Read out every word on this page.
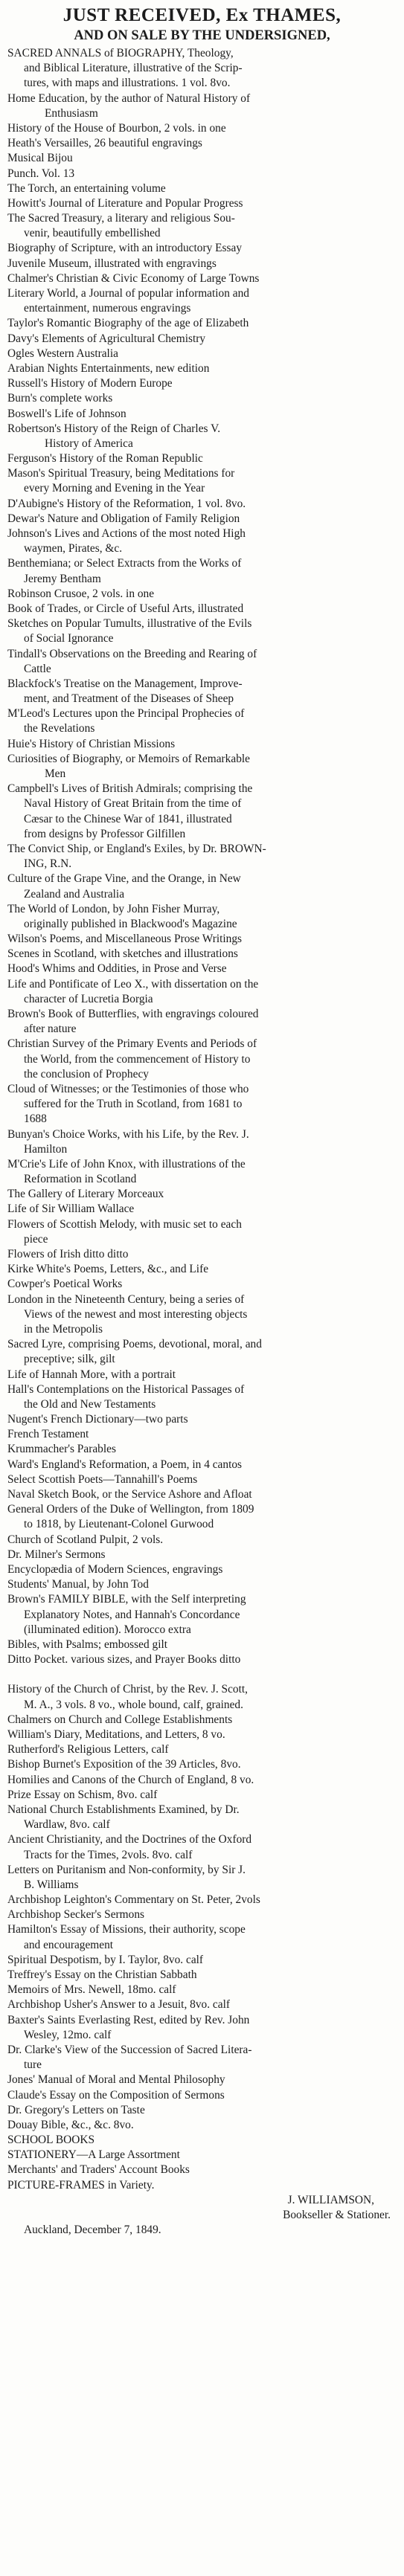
JUST RECEIVED, Ex THAMES,
AND ON SALE BY THE UNDERSIGNED,
SACRED ANNALS of BIOGRAPHY, Theology,
and Biblical Literature, illustrative of the Scrip-
tures, with maps and illustrations. 1 vol. 8vo.
Home Education, by the author of Natural History of
Enthusiasm
History of the House of Bourbon, 2 vols. in one
Heath's Versailles, 26 beautiful engravings
Musical Bijou
Punch. Vol. 13
The Torch, an entertaining volume
Howitt's Journal of Literature and Popular Progress
The Sacred Treasury, a literary and religious Sou-
venir, beautifully embellished
Biography of Scripture, with an introductory Essay
Juvenile Museum, illustrated with engravings
Chalmer's Christian & Civic Economy of Large Towns
Literary World, a Journal of popular information and
entertainment, numerous engravings
Taylor's Romantic Biography of the age of Elizabeth
Davy's Elements of Agricultural Chemistry
Ogles Western Australia
Arabian Nights Entertainments, new edition
Russell's History of Modern Europe
Burn's complete works
Boswell's Life of Johnson
Robertson's History of the Reign of Charles V.
History of America
Ferguson's History of the Roman Republic
Mason's Spiritual Treasury, being Meditations for
every Morning and Evening in the Year
D'Aubigne's History of the Reformation, 1 vol. 8vo.
Dewar's Nature and Obligation of Family Religion
Johnson's Lives and Actions of the most noted High
waymen, Pirates, &c.
Benthemiana; or Select Extracts from the Works of
Jeremy Bentham
Robinson Crusoe, 2 vols. in one
Book of Trades, or Circle of Useful Arts, illustrated
Sketches on Popular Tumults, illustrative of the Evils
of Social Ignorance
Tindall's Observations on the Breeding and Rearing of
Cattle
Blackfock's Treatise on the Management, Improve-
ment, and Treatment of the Diseases of Sheep
M'Leod's Lectures upon the Principal Prophecies of
the Revelations
Huie's History of Christian Missions
Curiosities of Biography, or Memoirs of Remarkable
Men
Campbell's Lives of British Admirals; comprising the
Naval History of Great Britain from the time of
Cæsar to the Chinese War of 1841, illustrated
from designs by Professor Gilfillen
The Convict Ship, or England's Exiles, by Dr. BROWN-
ING, R.N.
Culture of the Grape Vine, and the Orange, in New
Zealand and Australia
The World of London, by John Fisher Murray,
originally published in Blackwood's Magazine
Wilson's Poems, and Miscellaneous Prose Writings
Scenes in Scotland, with sketches and illustrations
Hood's Whims and Oddities, in Prose and Verse
Life and Pontificate of Leo X., with dissertation on the
character of Lucretia Borgia
Brown's Book of Butterflies, with engravings coloured
after nature
Christian Survey of the Primary Events and Periods of
the World, from the commencement of History to
the conclusion of Prophecy
Cloud of Witnesses; or the Testimonies of those who
suffered for the Truth in Scotland, from 1681 to
1688
Bunyan's Choice Works, with his Life, by the Rev. J.
Hamilton
M'Crie's Life of John Knox, with illustrations of the
Reformation in Scotland
The Gallery of Literary Morceaux
Life of Sir William Wallace
Flowers of Scottish Melody, with music set to each
piece
Flowers of Irish ditto ditto
Kirke White's Poems, Letters, &c., and Life
Cowper's Poetical Works
London in the Nineteenth Century, being a series of
Views of the newest and most interesting objects
in the Metropolis
Sacred Lyre, comprising Poems, devotional, moral, and
preceptive; silk, gilt
Life of Hannah More, with a portrait
Hall's Contemplations on the Historical Passages of
the Old and New Testaments
Nugent's French Dictionary—two parts
French Testament
Krummacher's Parables
Ward's England's Reformation, a Poem, in 4 cantos
Select Scottish Poets—Tannahill's Poems
Naval Sketch Book, or the Service Ashore and Afloat
General Orders of the Duke of Wellington, from 1809
to 1818, by Lieutenant-Colonel Gurwood
Church of Scotland Pulpit, 2 vols.
Dr. Milner's Sermons
Encyclopædia of Modern Sciences, engravings
Students' Manual, by John Tod
Brown's FAMILY BIBLE, with the Self interpreting
Explanatory Notes, and Hannah's Concordance
(illuminated edition). Morocco extra
Bibles, with Psalms; embossed gilt
Ditto Pocket. various sizes, and Prayer Books ditto
History of the Church of Christ, by the Rev. J. Scott,
M. A., 3 vols. 8 vo., whole bound, calf, grained.
Chalmers on Church and College Establishments
William's Diary, Meditations, and Letters, 8 vo.
Rutherford's Religious Letters, calf
Bishop Burnet's Exposition of the 39 Articles, 8vo.
Homilies and Canons of the Church of England, 8 vo.
Prize Essay on Schism, 8vo. calf
National Church Establishments Examined, by Dr.
Wardlaw, 8vo. calf
Ancient Christianity, and the Doctrines of the Oxford
Tracts for the Times, 2vols. 8vo. calf
Letters on Puritanism and Non-conformity, by Sir J.
B. Williams
Archbishop Leighton's Commentary on St. Peter, 2vols
Archbishop Secker's Sermons
Hamilton's Essay of Missions, their authority, scope
and encouragement
Spiritual Despotism, by I. Taylor, 8vo. calf
Treffrey's Essay on the Christian Sabbath
Memoirs of Mrs. Newell, 18mo. calf
Archbishop Usher's Answer to a Jesuit, 8vo. calf
Baxter's Saints Everlasting Rest, edited by Rev. John
Wesley, 12mo. calf
Dr. Clarke's View of the Succession of Sacred Litera-
ture
Jones' Manual of Moral and Mental Philosophy
Claude's Essay on the Composition of Sermons
Dr. Gregory's Letters on Taste
Douay Bible, &c., &c. 8vo.
SCHOOL BOOKS
STATIONERY—A Large Assortment
Merchants' and Traders' Account Books
PICTURE-FRAMES in Variety.
J. WILLIAMSON,
Bookseller & Stationer.
Auckland, December 7, 1849.
